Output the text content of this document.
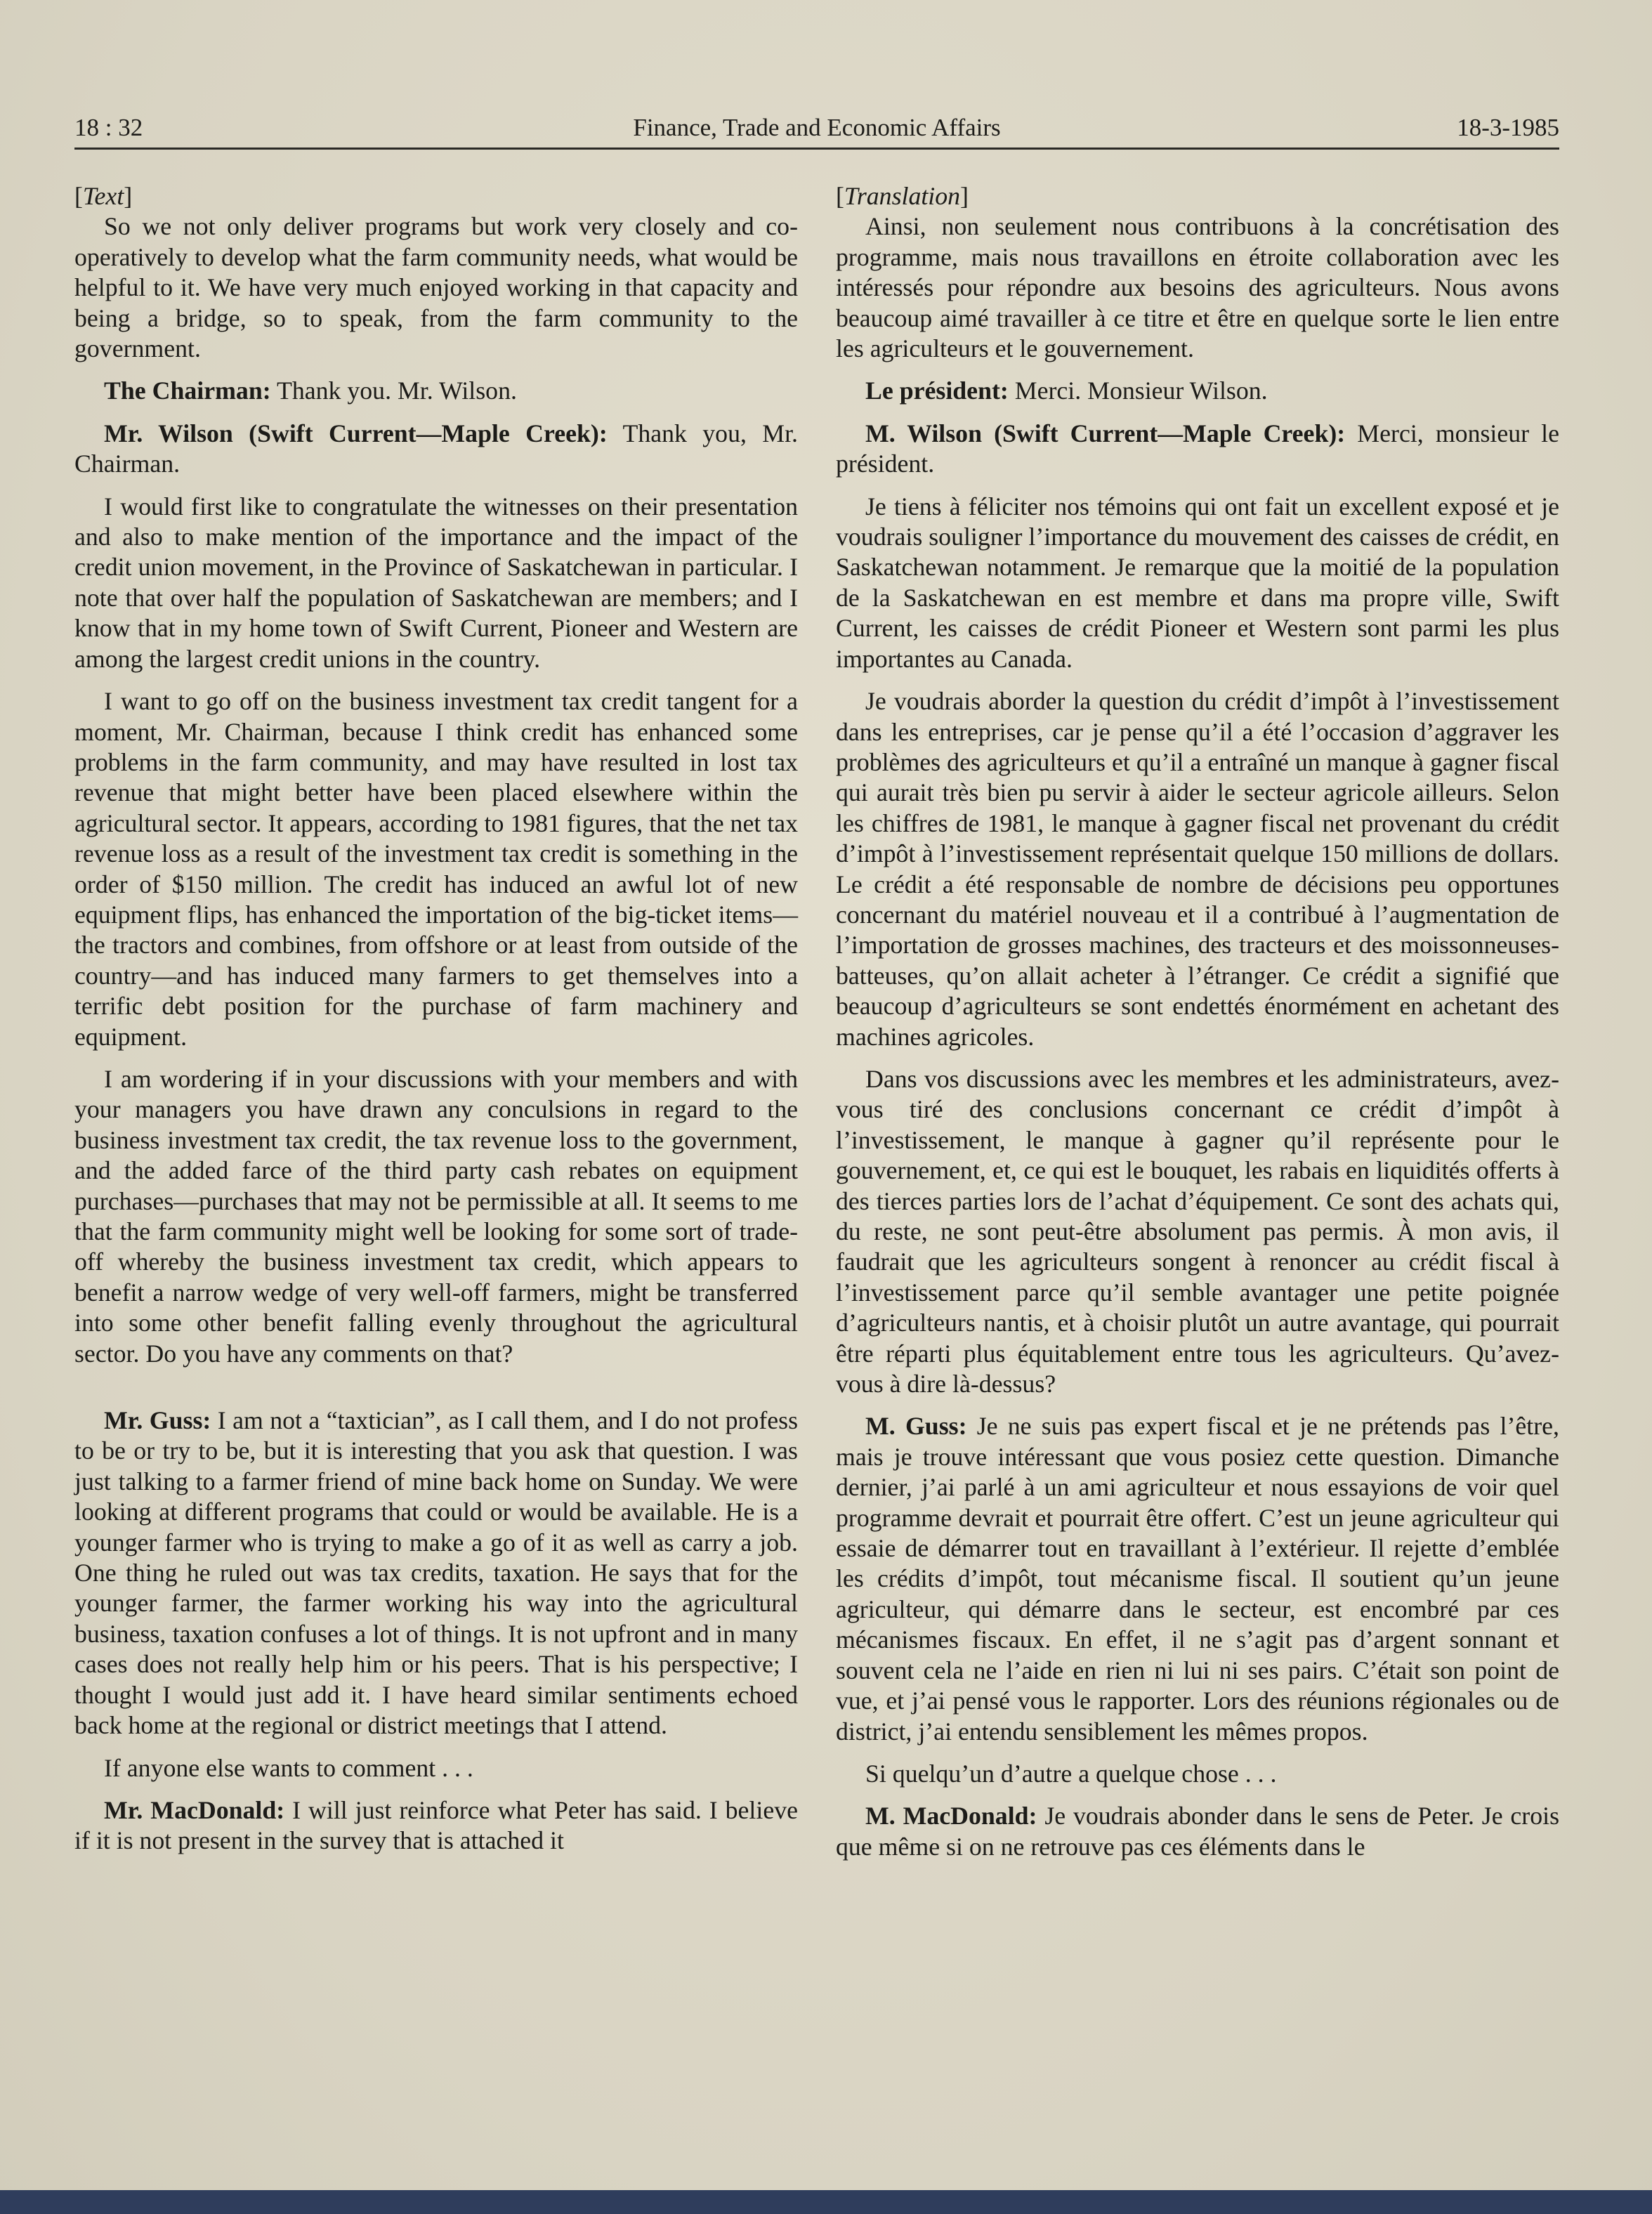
18 : 32	Finance, Trade and Economic Affairs	18-3-1985

[Text]

So we not only deliver programs but work very closely and co-operatively to develop what the farm community needs, what would be helpful to it. We have very much enjoyed working in that capacity and being a bridge, so to speak, from the farm community to the government.

The Chairman: Thank you. Mr. Wilson.

Mr. Wilson (Swift Current—Maple Creek): Thank you, Mr. Chairman.

I would first like to congratulate the witnesses on their presentation and also to make mention of the importance and the impact of the credit union movement, in the Province of Saskatchewan in particular. I note that over half the population of Saskatchewan are members; and I know that in my home town of Swift Current, Pioneer and Western are among the largest credit unions in the country.

I want to go off on the business investment tax credit tangent for a moment, Mr. Chairman, because I think credit has enhanced some problems in the farm community, and may have resulted in lost tax revenue that might better have been placed elsewhere within the agricultural sector. It appears, according to 1981 figures, that the net tax revenue loss as a result of the investment tax credit is something in the order of $150 million. The credit has induced an awful lot of new equipment flips, has enhanced the importation of the big-ticket items—the tractors and combines, from offshore or at least from outside of the country—and has induced many farmers to get themselves into a terrific debt position for the purchase of farm machinery and equipment.

I am wordering if in your discussions with your members and with your managers you have drawn any conculsions in regard to the business investment tax credit, the tax revenue loss to the government, and the added farce of the third party cash rebates on equipment purchases—purchases that may not be permissible at all. It seems to me that the farm community might well be looking for some sort of trade-off whereby the business investment tax credit, which appears to benefit a narrow wedge of very well-off farmers, might be transferred into some other benefit falling evenly throughout the agricultural sector. Do you have any comments on that?

Mr. Guss: I am not a “taxtician”, as I call them, and I do not profess to be or try to be, but it is interesting that you ask that question. I was just talking to a farmer friend of mine back home on Sunday. We were looking at different programs that could or would be available. He is a younger farmer who is trying to make a go of it as well as carry a job. One thing he ruled out was tax credits, taxation. He says that for the younger farmer, the farmer working his way into the agricultural business, taxation confuses a lot of things. It is not upfront and in many cases does not really help him or his peers. That is his perspective; I thought I would just add it. I have heard similar sentiments echoed back home at the regional or district meetings that I attend.

If anyone else wants to comment . . .

Mr. MacDonald: I will just reinforce what Peter has said. I believe if it is not present in the survey that is attached it

[Translation]

Ainsi, non seulement nous contribuons à la concrétisation des programme, mais nous travaillons en étroite collaboration avec les intéressés pour répondre aux besoins des agriculteurs. Nous avons beaucoup aimé travailler à ce titre et être en quelque sorte le lien entre les agriculteurs et le gouvernement.

Le président: Merci. Monsieur Wilson.

M. Wilson (Swift Current—Maple Creek): Merci, monsieur le président.

Je tiens à féliciter nos témoins qui ont fait un excellent exposé et je voudrais souligner l’importance du mouvement des caisses de crédit, en Saskatchewan notamment. Je remarque que la moitié de la population de la Saskatchewan en est membre et dans ma propre ville, Swift Current, les caisses de crédit Pioneer et Western sont parmi les plus importantes au Canada.

Je voudrais aborder la question du crédit d’impôt à l’investissement dans les entreprises, car je pense qu’il a été l’occasion d’aggraver les problèmes des agriculteurs et qu’il a entraîné un manque à gagner fiscal qui aurait très bien pu servir à aider le secteur agricole ailleurs. Selon les chiffres de 1981, le manque à gagner fiscal net provenant du crédit d’impôt à l’investissement représentait quelque 150 millions de dollars. Le crédit a été responsable de nombre de décisions peu opportunes concernant du matériel nouveau et il a contribué à l’augmentation de l’importation de grosses machines, des tracteurs et des moissonneuses-batteuses, qu’on allait acheter à l’étranger. Ce crédit a signifié que beaucoup d’agriculteurs se sont endettés énormément en achetant des machines agricoles.

Dans vos discussions avec les membres et les administrateurs, avez-vous tiré des conclusions concernant ce crédit d’impôt à l’investissement, le manque à gagner qu’il représente pour le gouvernement, et, ce qui est le bouquet, les rabais en liquidités offerts à des tierces parties lors de l’achat d’équipement. Ce sont des achats qui, du reste, ne sont peut-être absolument pas permis. À mon avis, il faudrait que les agriculteurs songent à renoncer au crédit fiscal à l’investissement parce qu’il semble avantager une petite poignée d’agriculteurs nantis, et à choisir plutôt un autre avantage, qui pourrait être réparti plus équitablement entre tous les agriculteurs. Qu’avez-vous à dire là-dessus?

M. Guss: Je ne suis pas expert fiscal et je ne prétends pas l’être, mais je trouve intéressant que vous posiez cette question. Dimanche dernier, j’ai parlé à un ami agriculteur et nous essayions de voir quel programme devrait et pourrait être offert. C’est un jeune agriculteur qui essaie de démarrer tout en travaillant à l’extérieur. Il rejette d’emblée les crédits d’impôt, tout mécanisme fiscal. Il soutient qu’un jeune agriculteur, qui démarre dans le secteur, est encombré par ces mécanismes fiscaux. En effet, il ne s’agit pas d’argent sonnant et souvent cela ne l’aide en rien ni lui ni ses pairs. C’était son point de vue, et j’ai pensé vous le rapporter. Lors des réunions régionales ou de district, j’ai entendu sensiblement les mêmes propos.

Si quelqu’un d’autre a quelque chose . . .

M. MacDonald: Je voudrais abonder dans le sens de Peter. Je crois que même si on ne retrouve pas ces éléments dans le
